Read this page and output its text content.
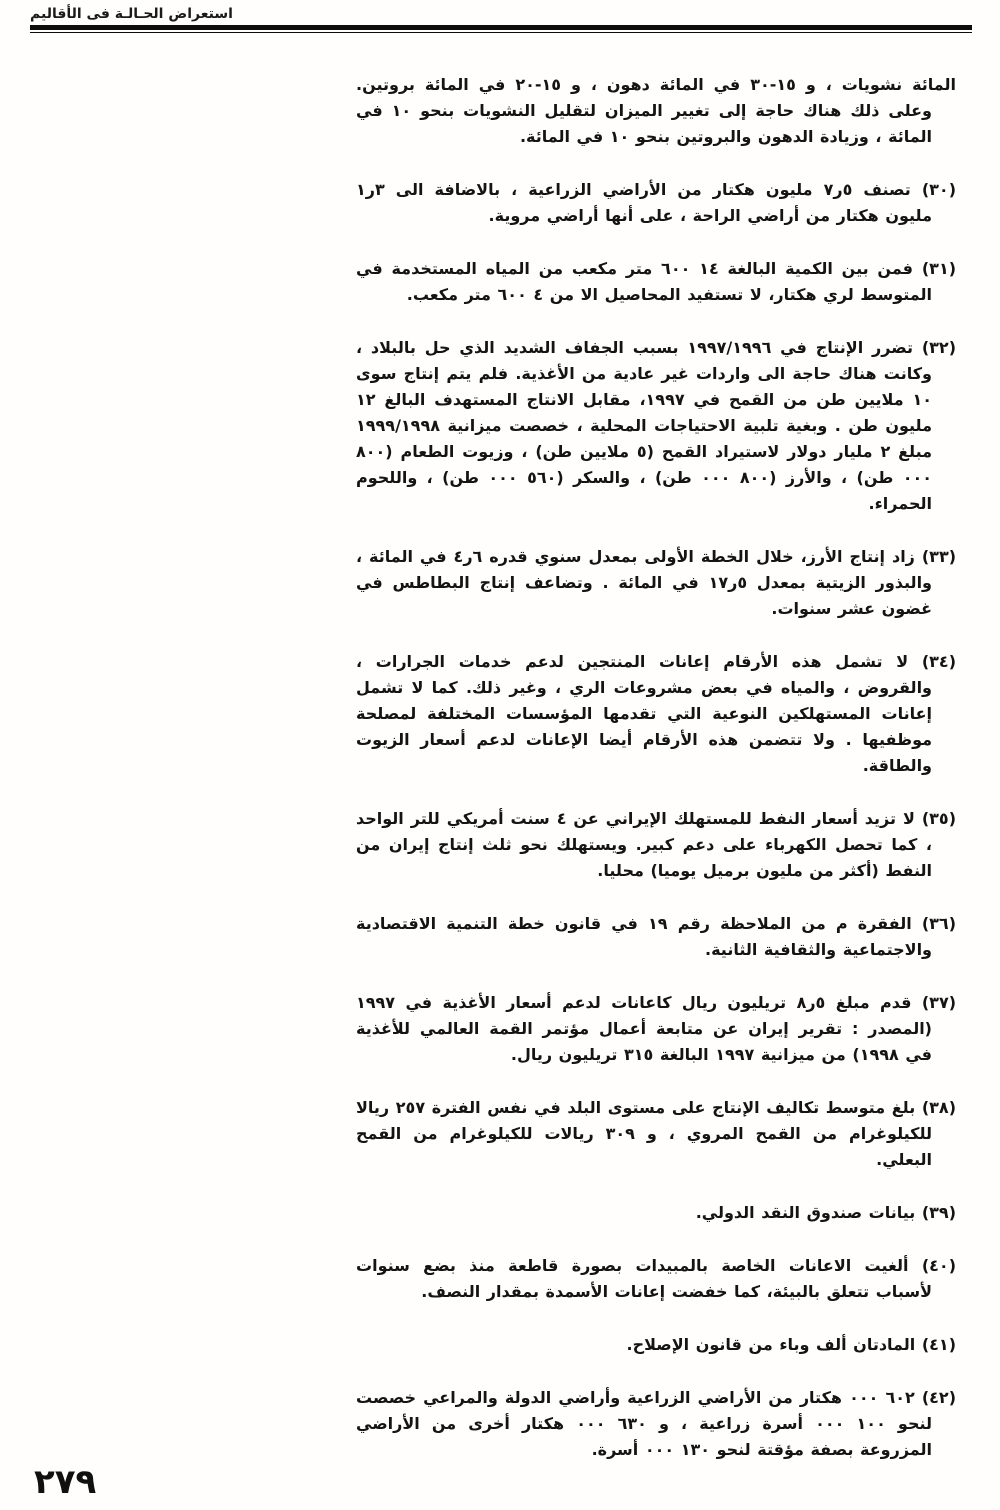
استعراض الحـالـة فى الأقاليم

المائة نشويات ، و ١٥-٣٠ في المائة دهون ، و ١٥-٢٠ في المائة بروتين. وعلى ذلك هناك حاجة إلى تغيير الميزان لتقليل النشويات بنحو ١٠ في المائة ، وزيادة الدهون والبروتين بنحو ١٠ في المائة.

(٣٠) تصنف ٥ر٧ مليون هكتار من الأراضي الزراعية ، بالاضافة الى ٣ر١ مليون هكتار من أراضي الراحة ، على أنها أراضي مروية.

(٣١) فمن بين الكمية البالغة ١٤ ٦٠٠ متر مكعب من المياه المستخدمة في المتوسط لري هكتار، لا تستفيد المحاصيل الا من ٤ ٦٠٠ متر مكعب.

(٣٢) تضرر الإنتاج في ١٩٩٧/١٩٩٦ بسبب الجفاف الشديد الذي حل بالبلاد ، وكانت هناك حاجة الى واردات غير عادية من الأغذية. فلم يتم إنتاج سوى ١٠ ملايين طن من القمح في ١٩٩٧، مقابل الانتاج المستهدف البالغ ١٢ مليون طن . وبغية تلبية الاحتياجات المحلية ، خصصت ميزانية ١٩٩٩/١٩٩٨ مبلغ ٢ مليار دولار لاستيراد القمح (٥ ملايين طن) ، وزيوت الطعام (٨٠٠ ٠٠٠ طن) ، والأرز (٨٠٠ ٠٠٠ طن) ، والسكر (٥٦٠ ٠٠٠ طن) ، واللحوم الحمراء.

(٣٣) زاد إنتاج الأرز، خلال الخطة الأولى بمعدل سنوي قدره ٦ر٤ في المائة ، والبذور الزيتية بمعدل ٥ر١٧ في المائة . وتضاعف إنتاج البطاطس في غضون عشر سنوات.

(٣٤) لا تشمل هذه الأرقام إعانات المنتجين لدعم خدمات الجرارات ، والقروض ، والمياه في بعض مشروعات الري ، وغير ذلك. كما لا تشمل إعانات المستهلكين النوعية التي تقدمها المؤسسات المختلفة لمصلحة موظفيها . ولا تتضمن هذه الأرقام أيضا الإعانات لدعم أسعار الزيوت والطاقة.

(٣٥) لا تزيد أسعار النفط للمستهلك الإيراني عن ٤ سنت أمريكي للتر الواحد ، كما تحصل الكهرباء على دعم كبير. ويستهلك نحو ثلث إنتاج إيران من النفط (أكثر من مليون برميل يوميا) محليا.

(٣٦) الفقرة م من الملاحظة رقم ١٩ في قانون خطة التنمية الاقتصادية والاجتماعية والثقافية الثانية.

(٣٧) قدم مبلغ ٥ر٨ تريليون ريال كاعانات لدعم أسعار الأغذية في ١٩٩٧ (المصدر : تقرير إيران عن متابعة أعمال مؤتمر القمة العالمي للأغذية في ١٩٩٨) من ميزانية ١٩٩٧ البالغة ٣١٥ تريليون ريال.

(٣٨) بلغ متوسط تكاليف الإنتاج على مستوى البلد في نفس الفترة ٢٥٧ ريالا للكيلوغرام من القمح المروي ، و ٣٠٩ ريالات للكيلوغرام من القمح البعلي.

(٣٩) بيانات صندوق النقد الدولي.

(٤٠) ألغيت الاعانات الخاصة بالمبيدات بصورة قاطعة منذ بضع سنوات لأسباب تتعلق بالبيئة، كما خفضت إعانات الأسمدة بمقدار النصف.

(٤١) المادتان ألف وباء من قانون الإصلاح.

(٤٢) ٦٠٢ ٠٠٠ هكتار من الأراضي الزراعية وأراضي الدولة والمراعي خصصت لنحو ١٠٠ ٠٠٠ أسرة زراعية ، و ٦٣٠ ٠٠٠ هكتار أخرى من الأراضي المزروعة بصفة مؤقتة لنحو ١٣٠ ٠٠٠ أسرة.

٢٧٩
